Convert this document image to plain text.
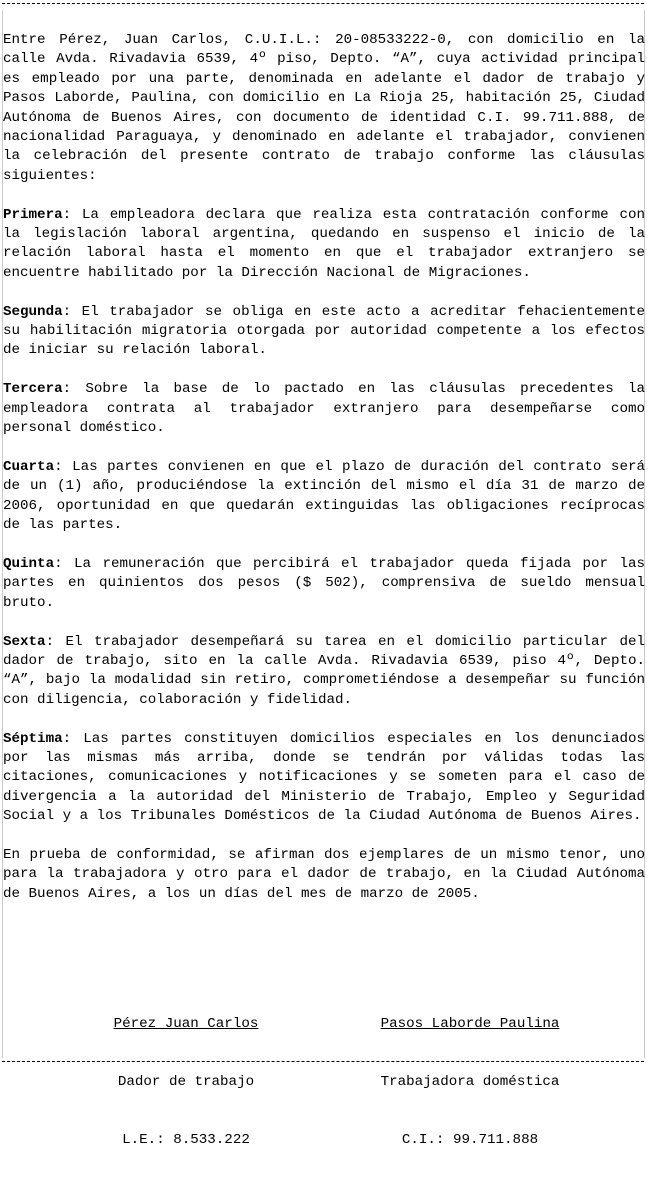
Entre Pérez, Juan Carlos, C.U.I.L.: 20-08533222-0, con domicilio en la calle Avda. Rivadavia 6539, 4º piso, Depto. “A”, cuya actividad principal es empleado por una parte, denominada en adelante el dador de trabajo y Pasos Laborde, Paulina, con domicilio en La Rioja 25, habitación 25, Ciudad Autónoma de Buenos Aires, con documento de identidad C.I. 99.711.888, de nacionalidad Paraguaya, y denominado en adelante el trabajador, convienen la celebración del presente contrato de trabajo conforme las cláusulas siguientes:

Primera: La empleadora declara que realiza esta contratación conforme con la legislación laboral argentina, quedando en suspenso el inicio de la relación laboral hasta el momento en que el trabajador extranjero se encuentre habilitado por la Dirección Nacional de Migraciones.

Segunda: El trabajador se obliga en este acto a acreditar fehacientemente su habilitación migratoria otorgada por autoridad competente a los efectos de iniciar su relación laboral.

Tercera: Sobre la base de lo pactado en las cláusulas precedentes la empleadora contrata al trabajador extranjero para desempeñarse como personal doméstico.

Cuarta: Las partes convienen en que el plazo de duración del contrato será de un (1) año, produciéndose la extinción del mismo el día 31 de marzo de 2006, oportunidad en que quedarán extinguidas las obligaciones recíprocas de las partes.

Quinta: La remuneración que percibirá el trabajador queda fijada por las partes en quinientos dos pesos ($ 502), comprensiva de sueldo mensual bruto.

Sexta: El trabajador desempeñará su tarea en el domicilio particular del dador de trabajo, sito en la calle Avda. Rivadavia 6539, piso 4º, Depto. “A”, bajo la modalidad sin retiro, comprometiéndose a desempeñar su función con diligencia, colaboración y fidelidad.

Séptima: Las partes constituyen domicilios especiales en los denunciados por las mismas más arriba, donde se tendrán por válidas todas las citaciones, comunicaciones y notificaciones y se someten para el caso de divergencia a la autoridad del Ministerio de Trabajo, Empleo y Seguridad Social y a los Tribunales Domésticos de la Ciudad Autónoma de Buenos Aires.

En prueba de conformidad, se afirman dos ejemplares de un mismo tenor, uno para la trabajadora y otro para el dador de trabajo, en la Ciudad Autónoma de Buenos Aires, a los un días del mes de marzo de 2005.

Pérez Juan Carlos

Dador de trabajo

L.E.: 8.533.222

Pasos Laborde Paulina

Trabajadora doméstica

C.I.: 99.711.888
